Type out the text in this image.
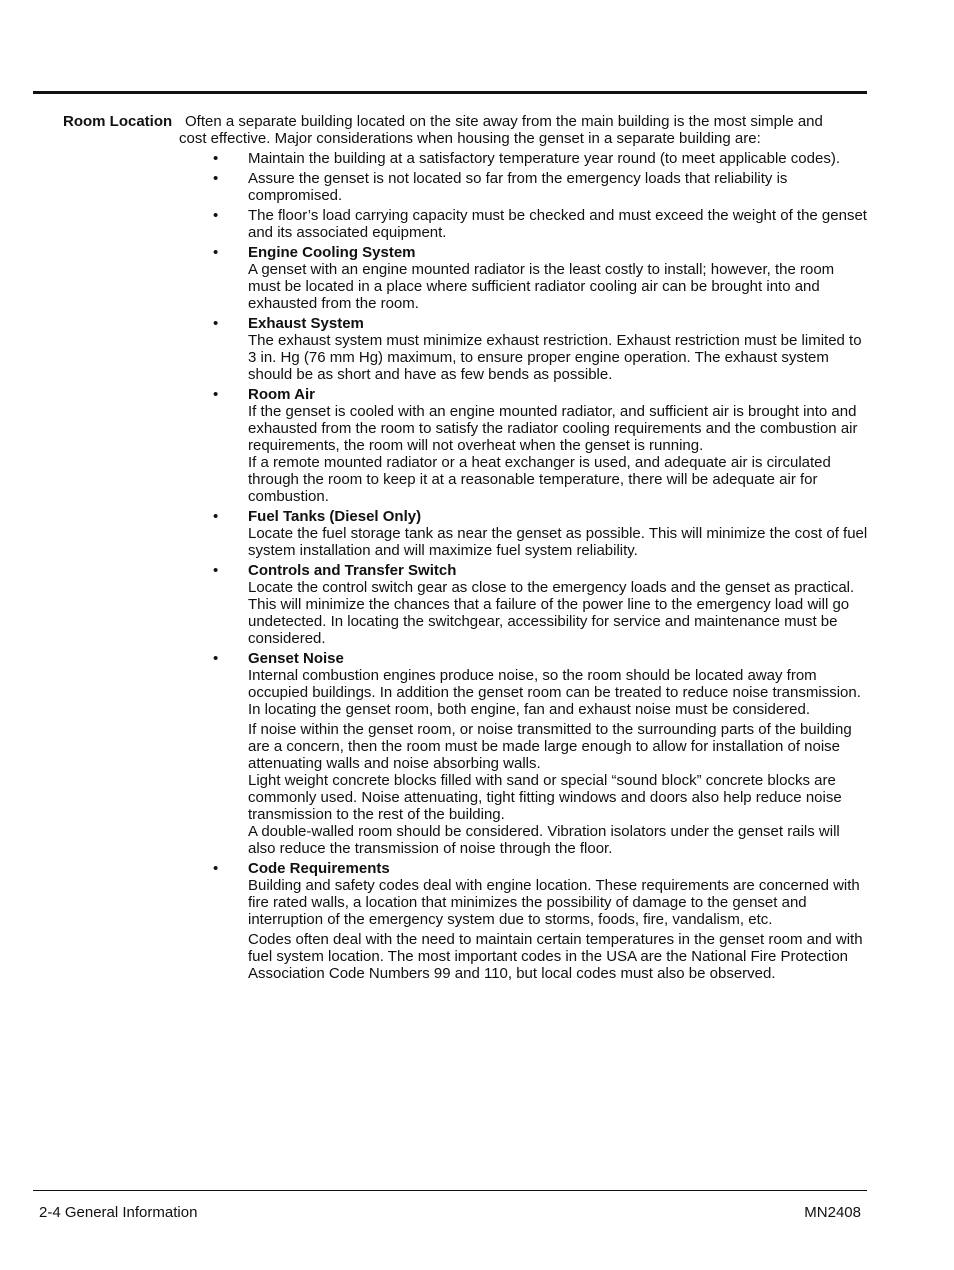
Room Location Often a separate building located on the site away from the main building is the most simple and
cost effective. Major considerations when housing the genset in a separate building are:
• Maintain the building at a satisfactory temperature year round (to meet applicable codes).

• Assure the genset is not located so far from the emergency loads that reliability is compromised.

• The floor’s load carrying capacity must be checked and must exceed the weight of the genset and its associated equipment.

• Engine Cooling System

A genset with an engine mounted radiator is the least costly to install; however, the room must be located in a place where sufficient radiator cooling air can be brought into and exhausted from the room.

• Exhaust System

The exhaust system must minimize exhaust restriction. Exhaust restriction must be limited to 3 in. Hg (76 mm Hg) maximum, to ensure proper engine operation. The exhaust system should be as short and have as few bends as possible.

• Room Air

If the genset is cooled with an engine mounted radiator, and sufficient air is brought into and exhausted from the room to satisfy the radiator cooling requirements and the combustion air requirements, the room will not overheat when the genset is running.

If a remote mounted radiator or a heat exchanger is used, and adequate air is circulated through the room to keep it at a reasonable temperature, there will be adequate air for combustion.

• Fuel Tanks (Diesel Only)

Locate the fuel storage tank as near the genset as possible. This will minimize the cost of fuel system installation and will maximize fuel system reliability.

• Controls and Transfer Switch

Locate the control switch gear as close to the emergency loads and the genset as practical. This will minimize the chances that a failure of the power line to the emergency load will go undetected. In locating the switchgear, accessibility for service and maintenance must be considered.

• Genset Noise

Internal combustion engines produce noise, so the room should be located away from occupied buildings. In addition the genset room can be treated to reduce noise transmission. In locating the genset room, both engine, fan and exhaust noise must be considered.

If noise within the genset room, or noise transmitted to the surrounding parts of the building are a concern, then the room must be made large enough to allow for installation of noise attenuating walls and noise absorbing walls.

Light weight concrete blocks filled with sand or special “sound block” concrete blocks are commonly used. Noise attenuating, tight fitting windows and doors also help reduce noise transmission to the rest of the building.

A double-walled room should be considered. Vibration isolators under the genset rails will also reduce the transmission of noise through the floor.

• Code Requirements

Building and safety codes deal with engine location. These requirements are concerned with fire rated walls, a location that minimizes the possibility of damage to the genset and interruption of the emergency system due to storms, foods, fire, vandalism, etc.

Codes often deal with the need to maintain certain temperatures in the genset room and with fuel system location. The most important codes in the USA are the National Fire Protection Association Code Numbers 99 and 110, but local codes must also be observed.

2-4 General Information	MN2408
